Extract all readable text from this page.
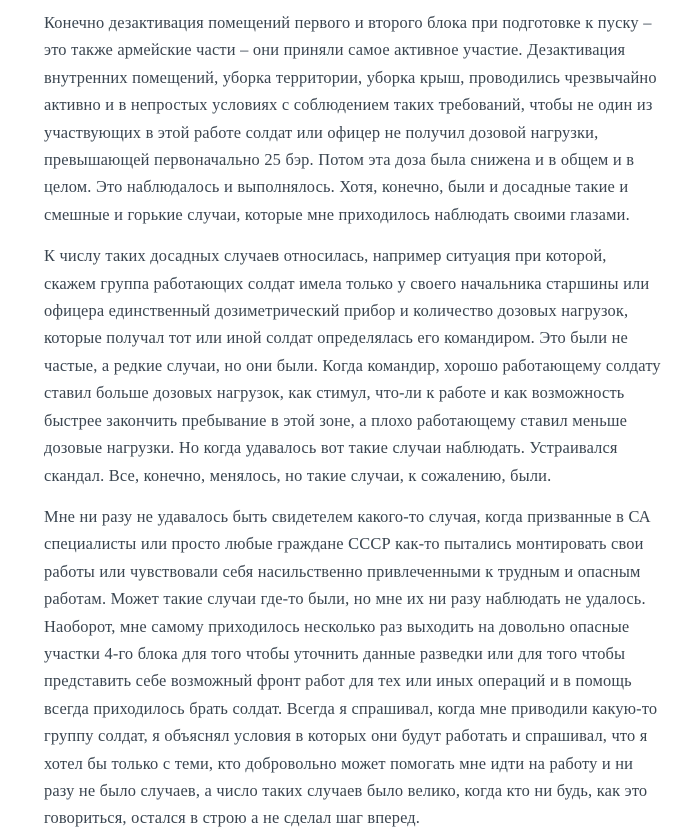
Конечно дезактивация помещений первого и второго блока при подготовке к пуску – это также армейские части – они приняли самое активное участие. Дезактивация внутренних помещений, уборка территории, уборка крыш, проводились чрезвычайно активно и в непростых условиях с соблюдением таких требований, чтобы не один из участвующих в этой работе солдат или офицер не получил дозовой нагрузки, превышающей первоначально 25 бэр. Потом эта доза была снижена и в общем и в целом. Это наблюдалось и выполнялось. Хотя, конечно, были и досадные такие и смешные и горькие случаи, которые мне приходилось наблюдать своими глазами.

К числу таких досадных случаев относилась, например ситуация при которой, скажем группа работающих солдат имела только у своего начальника старшины или офицера единственный дозиметрический прибор и количество дозовых нагрузок, которые получал тот или иной солдат определялась его командиром. Это были не частые, а редкие случаи, но они были. Когда командир, хорошо работающему солдату ставил больше дозовых нагрузок, как стимул, что-ли к работе и как возможность быстрее закончить пребывание в этой зоне, а плохо работающему ставил меньше дозовые нагрузки. Но когда удавалось вот такие случаи наблюдать. Устраивался скандал. Все, конечно, менялось, но такие случаи, к сожалению, были.

Мне ни разу не удавалось быть свидетелем какого-то случая, когда призванные в СА специалисты или просто любые граждане СССР как-то пытались монтировать свои работы или чувствовали себя насильственно привлеченными к трудным и опасным работам. Может такие случаи где-то были, но мне их ни разу наблюдать не удалось. Наоборот, мне самому приходилось несколько раз выходить на довольно опасные участки 4-го блока для того чтобы уточнить данные разведки или для того чтобы представить себе возможный фронт работ для тех или иных операций и в помощь всегда приходилось брать солдат. Всегда я спрашивал, когда мне приводили какую-то группу солдат, я объяснял условия в которых они будут работать и спрашивал, что я хотел бы только с теми, кто добровольно может помогать мне идти на работу и ни разу не было случаев, а число таких случаев было велико, когда кто ни будь, как это говориться, остался в строю а не сделал шаг вперед.
